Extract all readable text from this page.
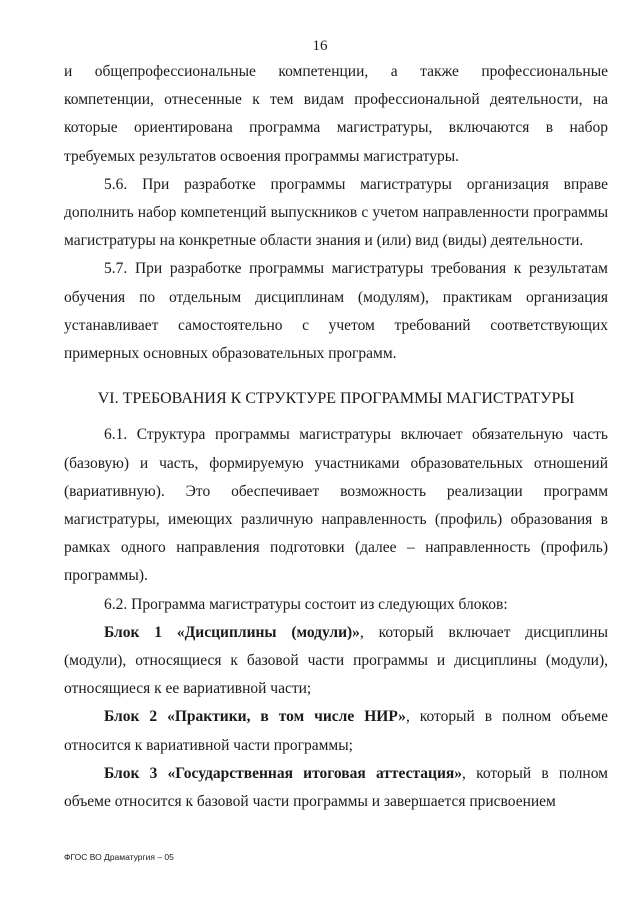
16

и общепрофессиональные компетенции, а также профессиональные компетенции, отнесенные к тем видам профессиональной деятельности, на которые ориентирована программа магистратуры, включаются в набор требуемых результатов освоения программы магистратуры.

5.6. При разработке программы магистратуры организация вправе дополнить набор компетенций выпускников с учетом направленности программы магистратуры на конкретные области знания и (или) вид (виды) деятельности.

5.7. При разработке программы магистратуры требования к результатам обучения по отдельным дисциплинам (модулям), практикам организация устанавливает самостоятельно с учетом требований соответствующих примерных основных образовательных программ.

VI. ТРЕБОВАНИЯ К СТРУКТУРЕ ПРОГРАММЫ МАГИСТРАТУРЫ

6.1. Структура программы магистратуры включает обязательную часть (базовую) и часть, формируемую участниками образовательных отношений (вариативную). Это обеспечивает возможность реализации программ магистратуры, имеющих различную направленность (профиль) образования в рамках одного направления подготовки (далее – направленность (профиль) программы).

6.2. Программа магистратуры состоит из следующих блоков:

Блок 1 «Дисциплины (модули)», который включает дисциплины (модули), относящиеся к базовой части программы и дисциплины (модули), относящиеся к ее вариативной части;

Блок 2 «Практики, в том числе НИР», который в полном объеме относится к вариативной части программы;

Блок 3 «Государственная итоговая аттестация», который в полном объеме относится к базовой части программы и завершается присвоением

ФГОС ВО Драматургия – 05
